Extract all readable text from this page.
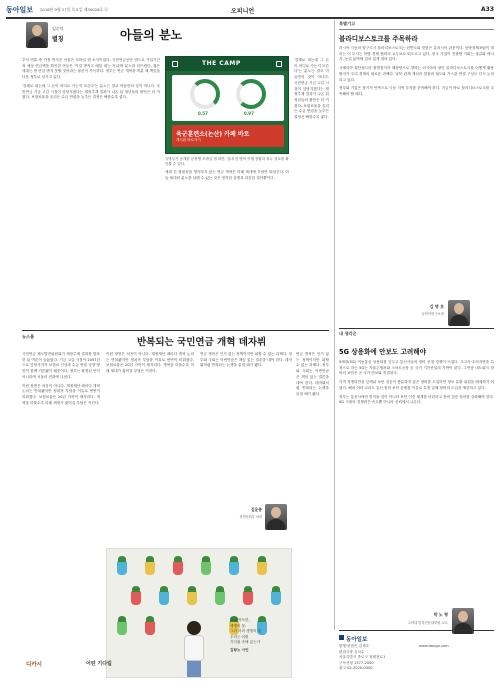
동아일보 2018년 9월 27일 목요일 제30026호 ⓐ	오피니언	A33
김순덕
별칭	아들의 분노

추석 연휴 중 가장 반가운 선물은 모바일 앱 소식이었다. 국민연금공단 앱으로 가입기간과 예상 연금액을 확인한 아들은 '이걸 받자고 매달 내는 거냐'며 분노를 터뜨렸다. 젊은 세대는 낸 만큼 받지 못할 것이라는 불신이 가득하다. 정부는 연금 개혁을 미룬 채 책임을 다음 정부로 넘기고 있다.

'강제로 내는데 그 돈이 어디로 가는지 모른다'는 분노는 결코 아들만의 것이 아니다. 국민연금 기금 고갈 시점이 앞당겨졌다는 재정추계 결과가 나온 뒤 청년들의 불안은 더 커졌다. 보험료율을 올리든 수급 연령을 늦추든 결정은 빠를수록 좋다.

THE CAMP
0.57	0.97
육군훈련소(논산) 카페 바로
게시판 바로가기
국방부가 공개한 군장병 모바일 앱 화면. 입대 전 병역 이행 현황과 복무 정보를 확인할 수 있다.

세대 간 형평성을 생각하지 않는 연금 개혁은 미래 세대에 부담만 떠넘긴다. 아들 세대의 분노를 달랠 수 있는 것은 정직한 설명과 과감한 결단뿐이다.

'강제로 내는데 그 돈이 어디로 가는지 모른다'는 분노는 결코 아들만의 것이 아니다. 국민연금 기금 고갈 시점이 앞당겨졌다는 재정추계 결과가 나온 뒤 청년들의 불안은 더 커졌다. 보험료율을 올리든 수급 연령을 늦추든 결정은 빠를수록 좋다.

특별기고
블라디보스토크를 주목하라

러시아 극동의 항구도시 블라디보스토크는 한반도와 맞닿은 유라시아 관문이다. 동방경제포럼이 열리는 이 도시는 북방 경제 협력의 교두보로 떠오르고 있다. 한국 기업이 진출할 기회는 물류와 에너지, 농업 분야에 걸쳐 넓게 열려 있다.

시베리아 횡단철도의 출발점이자 태평양으로 향하는 러시아의 창인 블라디보스토크를 어떻게 활용할지가 우리 경제의 새로운 과제다. 남북 관계 개선과 맞물려 철도와 가스관 연결 구상도 다시 논의되고 있다.

정부와 기업은 장기적 안목으로 극동 지역 투자를 준비해야 한다. 지금이 바로 블라디보스토크를 주목해야 할 때다.

김 명 호
동북아연구소장
내 생각은
5G 상용화에 안보도 고려해야

5세대(5G) 이동통신 상용화를 앞두고 통신사들의 장비 선정 경쟁이 뜨겁다. 초고속·초저지연을 특징으로 하는 5G는 자율주행차와 스마트공장 등 국가 기간산업의 기반이 된다. 그만큼 네트워크 장비의 보안은 곧 국가 안보와 직결된다.

가격 경쟁력만을 앞세워 보안 검증이 충분하지 않은 장비를 도입하면 정보 유출 위험을 배제하기 어렵다. 해외 여러 나라도 통신 장비 보안 문제를 이유로 특정 업체 장비의 도입을 제한하고 있다.

정부는 통신사에만 맡겨둘 것이 아니라 보안 인증 체계를 마련하고 장비 검증 절차를 강화해야 한다. 5G 시대의 경쟁력은 속도뿐 아니라 신뢰에서 나온다.

박 노 형
고려대 법학전문대학원 교수
뉴스룸
반복되는 국민연금 개혁 데자뷔

국민연금 제도발전위원회가 재정추계 결과를 발표한 뒤 여론이 들끓었다. 기금 고갈 시점이 2057년으로 앞당겨지자 보험료 인상과 수급 연령 상향 방안이 함께 거론됐기 때문이다. 정부는 확정된 안이 아니라며 서둘러 진화에 나섰다.

이런 장면은 처음이 아니다. 재정계산 때마다 개혁 논의는 반복됐지만 정치적 부담을 이유로 번번이 미뤄졌다. 보험료율은 20년 가까이 제자리다. 개혁을 미룰수록 미래 세대가 짊어질 부담은 커진다.

이런 장면은 처음이 아니다. 재정계산 때마다 개혁 논의는 반복됐지만 정치적 부담을 이유로 번번이 미뤄졌다. 보험료율은 20년 가까이 제자리다. 개혁을 미룰수록 미래 세대가 짊어질 부담은 커진다.

연금 개혁은 인기 없는 정책이지만 피할 수 없는 과제다. 정부와 국회는 이번만큼은 책임 있는 결론을 내야 한다. 데자뷔처럼 반복되는 논쟁을 끝낼 때가 됐다.

연금 개혁은 인기 없는 정책이지만 피할 수 없는 과제다. 정부와 국회는 이번만큼은 책임 있는 결론을 내야 한다. 데자뷔처럼 반복되는 논쟁을 끝낼 때가 됐다.

김윤종
정책사회부 차장
그리 아득한,
생명의 꽃.
그리 사리 생명의 꽃
우리는 어떤
기다림 속에 있는가
김왕노 시인
디카시	어떤 기다림
동아일보
발행·편집인 김재호
편집국장 김차수
서울특별시 종로구 청계천로1
구독신청 1577-2000
광고 02-2020-0300
www.donga.com
